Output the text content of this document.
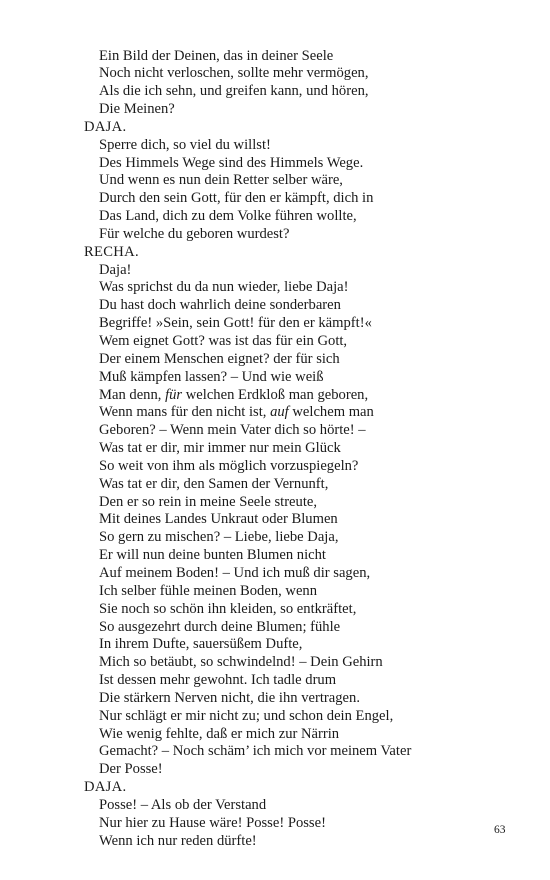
Ein Bild der Deinen, das in deiner Seele
Noch nicht verloschen, sollte mehr vermögen,
Als die ich sehn, und greifen kann, und hören,
Die Meinen?
DAJA.
Sperre dich, so viel du willst!
Des Himmels Wege sind des Himmels Wege.
Und wenn es nun dein Retter selber wäre,
Durch den sein Gott, für den er kämpft, dich in
Das Land, dich zu dem Volke führen wollte,
Für welche du geboren wurdest?
RECHA.
Daja!
Was sprichst du da nun wieder, liebe Daja!
Du hast doch wahrlich deine sonderbaren
Begriffe! »Sein, sein Gott! für den er kämpft!«
Wem eignet Gott? was ist das für ein Gott,
Der einem Menschen eignet? der für sich
Muß kämpfen lassen? – Und wie weiß
Man denn, für welchen Erdkloß man geboren,
Wenn mans für den nicht ist, auf welchem man
Geboren? – Wenn mein Vater dich so hörte! –
Was tat er dir, mir immer nur mein Glück
So weit von ihm als möglich vorzuspiegeln?
Was tat er dir, den Samen der Vernunft,
Den er so rein in meine Seele streute,
Mit deines Landes Unkraut oder Blumen
So gern zu mischen? – Liebe, liebe Daja,
Er will nun deine bunten Blumen nicht
Auf meinem Boden! – Und ich muß dir sagen,
Ich selber fühle meinen Boden, wenn
Sie noch so schön ihn kleiden, so entkräftet,
So ausgezehrt durch deine Blumen; fühle
In ihrem Dufte, sauersüßem Dufte,
Mich so betäubt, so schwindelnd! – Dein Gehirn
Ist dessen mehr gewohnt. Ich tadle drum
Die stärkern Nerven nicht, die ihn vertragen.
Nur schlägt er mir nicht zu; und schon dein Engel,
Wie wenig fehlte, daß er mich zur Närrin
Gemacht? – Noch schäm’ ich mich vor meinem Vater
Der Posse!
DAJA.
Posse! – Als ob der Verstand
Nur hier zu Hause wäre! Posse! Posse!
Wenn ich nur reden dürfte!
63
